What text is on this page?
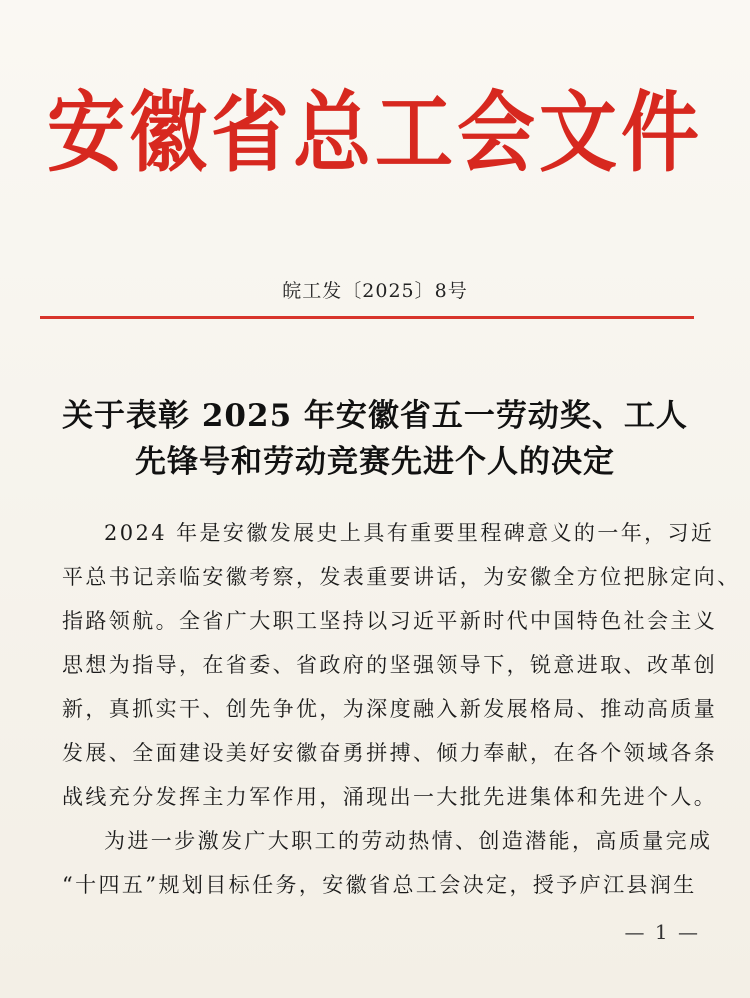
安徽省总工会文件
皖工发〔2025〕8号
关于表彰 2025 年安徽省五一劳动奖、工人
先锋号和劳动竞赛先进个人的决定
2024 年是安徽发展史上具有重要里程碑意义的一年，习近
平总书记亲临安徽考察，发表重要讲话，为安徽全方位把脉定向、
指路领航。全省广大职工坚持以习近平新时代中国特色社会主义
思想为指导，在省委、省政府的坚强领导下，锐意进取、改革创
新，真抓实干、创先争优，为深度融入新发展格局、推动高质量
发展、全面建设美好安徽奋勇拼搏、倾力奉献，在各个领域各条
战线充分发挥主力军作用，涌现出一大批先进集体和先进个人。
为进一步激发广大职工的劳动热情、创造潜能，高质量完成
“十四五”规划目标任务，安徽省总工会决定，授予庐江县润生
— 1 —
